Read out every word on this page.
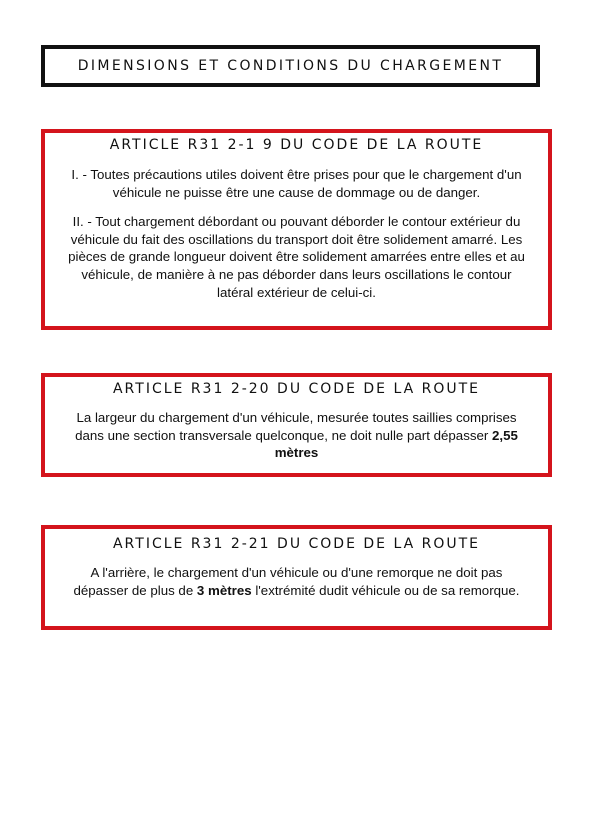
DIMENSIONS ET CONDITIONS DU CHARGEMENT
ARTICLE R31 2-1 9 DU CODE DE LA ROUTE

I. - Toutes précautions utiles doivent être prises pour que le chargement d'un véhicule ne puisse être une cause de dommage ou de danger.

II. - Tout chargement débordant ou pouvant déborder le contour extérieur du véhicule du fait des oscillations du transport doit être solidement amarré. Les pièces de grande longueur doivent être solidement amarrées entre elles et au véhicule, de manière à ne pas déborder dans leurs oscillations le contour latéral extérieur de celui-ci.

ARTICLE R31 2-20 DU CODE DE LA ROUTE

La largeur du chargement d'un véhicule, mesurée toutes saillies comprises dans une section transversale quelconque, ne doit nulle part dépasser 2,55 mètres

ARTICLE R31 2-21 DU CODE DE LA ROUTE

A l'arrière, le chargement d'un véhicule ou d'une remorque ne doit pas dépasser de plus de 3 mètres l'extrémité dudit véhicule ou de sa remorque.
